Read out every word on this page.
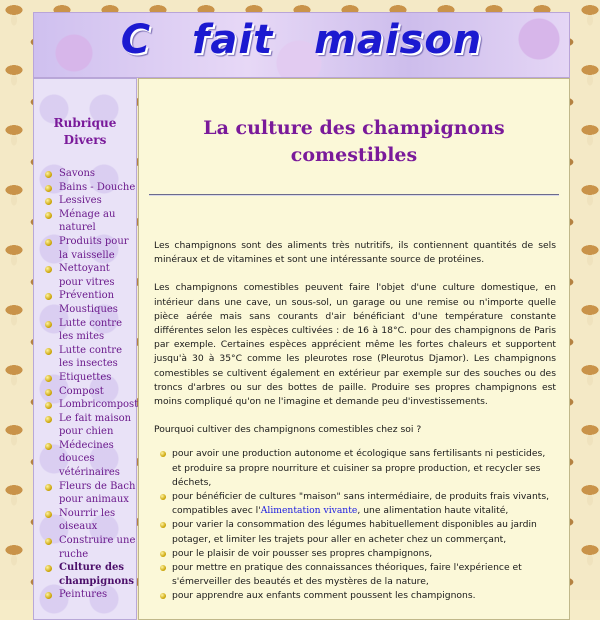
C fait maison
Rubrique Divers
Savons
Bains - Douche
Lessives
Ménage au naturel
Produits pour la vaisselle
Nettoyant pour vitres
Prévention Moustiques
Lutte contre les mites
Lutte contre les insectes
Etiquettes
Compost
Lombricompost
Le fait maison pour chien
Médecines douces vétérinaires
Fleurs de Bach pour animaux
Nourrir les oiseaux
Construire une ruche
Culture des champignons
Peintures
La culture des champignons comestibles

Les champignons sont des aliments très nutritifs, ils contiennent quantités de sels minéraux et de vitamines et sont une intéressante source de protéines.

Les champignons comestibles peuvent faire l'objet d'une culture domestique, en intérieur dans une cave, un sous-sol, un garage ou une remise ou n'importe quelle pièce aérée mais sans courants d'air bénéficiant d'une température constante différentes selon les espèces cultivées : de 16 à 18°C. pour des champignons de Paris par exemple. Certaines espèces apprécient même les fortes chaleurs et supportent jusqu'à 30 à 35°C comme les pleurotes rose (Pleurotus Djamor). Les champignons comestibles se cultivent également en extérieur par exemple sur des souches ou des troncs d'arbres ou sur des bottes de paille. Produire ses propres champignons est moins compliqué qu'on ne l'imagine et demande peu d'investissements.

Pourquoi cultiver des champignons comestibles chez soi ?

pour avoir une production autonome et écologique sans fertilisants ni pesticides, et produire sa propre nourriture et cuisiner sa propre production, et recycler ses déchets,
pour bénéficier de cultures "maison" sans intermédiaire, de produits frais vivants, compatibles avec l'Alimentation vivante, une alimentation haute vitalité,
pour varier la consommation des légumes habituellement disponibles au jardin potager, et limiter les trajets pour aller en acheter chez un commerçant,
pour le plaisir de voir pousser ses propres champignons,
pour mettre en pratique des connaissances théoriques, faire l'expérience et s'émerveiller des beautés et des mystères de la nature,
pour apprendre aux enfants comment poussent les champignons.
